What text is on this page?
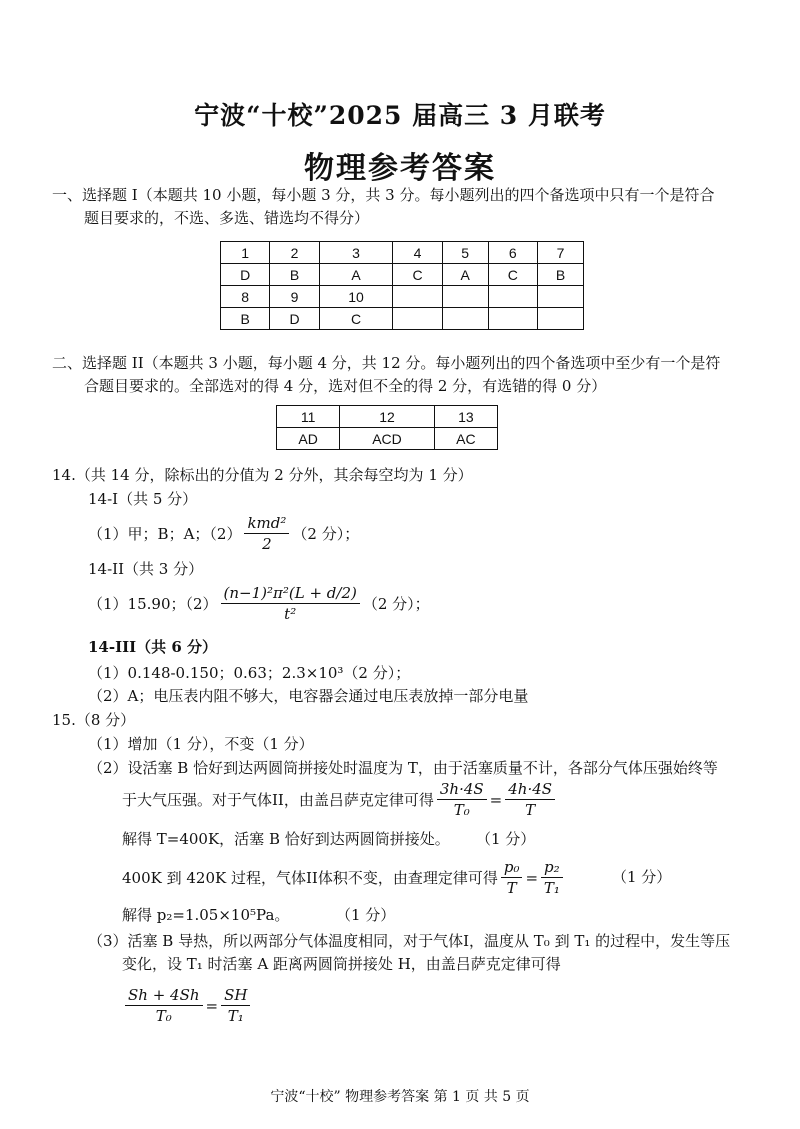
宁波“十校”2025 届高三 3 月联考
物理参考答案
一、选择题 I（本题共 10 小题，每小题 3 分，共 3 分。每小题列出的四个备选项中只有一个是符合
题目要求的，不选、多选、错选均不得分）
1	2	3	4	5	6	7
D	B	A	C	A	C	B
8	9	10				
B	D	C				
二、选择题 II（本题共 3 小题，每小题 4 分，共 12 分。每小题列出的四个备选项中至少有一个是符
合题目要求的。全部选对的得 4 分，选对但不全的得 2 分，有选错的得 0 分）
11	12	13
AD	ACD	AC
14.（共 14 分，除标出的分值为 2 分外，其余每空均为 1 分）
14-I（共 5 分）
（1）甲；B；A；$(2) \frac{\text{kmd²}}{2} (2$ 分）；
14-II（共 3 分）
（1）15.90；$(2) \frac{\text{(n−1)²π²(L + d/2)}}{\text{t²}} (2$ 分）；
14-III（共 6 分）
（1）0.148-0.150；0.63；2.3×10³（2 分）；
（2）A；电压表内阻不够大，电容器会通过电压表放掉一部分电量
15.（8 分）
（1）增加（1 分），不变（1 分）
（2）设活塞 B 恰好到达两圆筒拼接处时温度为 T，由于活塞质量不计，各部分气体压强始终等
于大气压强。对于气体II，由盖吕萨克定律可得 $\frac{3h\cdot 4S}{\text{T₀}} = \frac{4h\cdot 4S}{T}$
解得 T=400K，活塞 B 恰好到达两圆筒拼接处。 （1 分）
400K 到 420K 过程，气体II体积不变，由查理定律可得 $\frac{\text{p₀}}{T} = \frac{\text{p₂}}{\text{T₁}}$	（1 分）
解得 p₂=1.05×10⁵Pa。	（1 分）
（3）活塞 B 导热，所以两部分气体温度相同，对于气体I，温度从 T₀ 到 T₁ 的过程中，发生等压
变化，设 T₁ 时活塞 A 距离两圆筒拼接处 H，由盖吕萨克定律可得
$\frac{Sh + 4Sh}{\text{T₀}} = \frac{SH}{\text{T₁}}$
宁波“十校” 物理参考答案 第 1 页 共 5 页
